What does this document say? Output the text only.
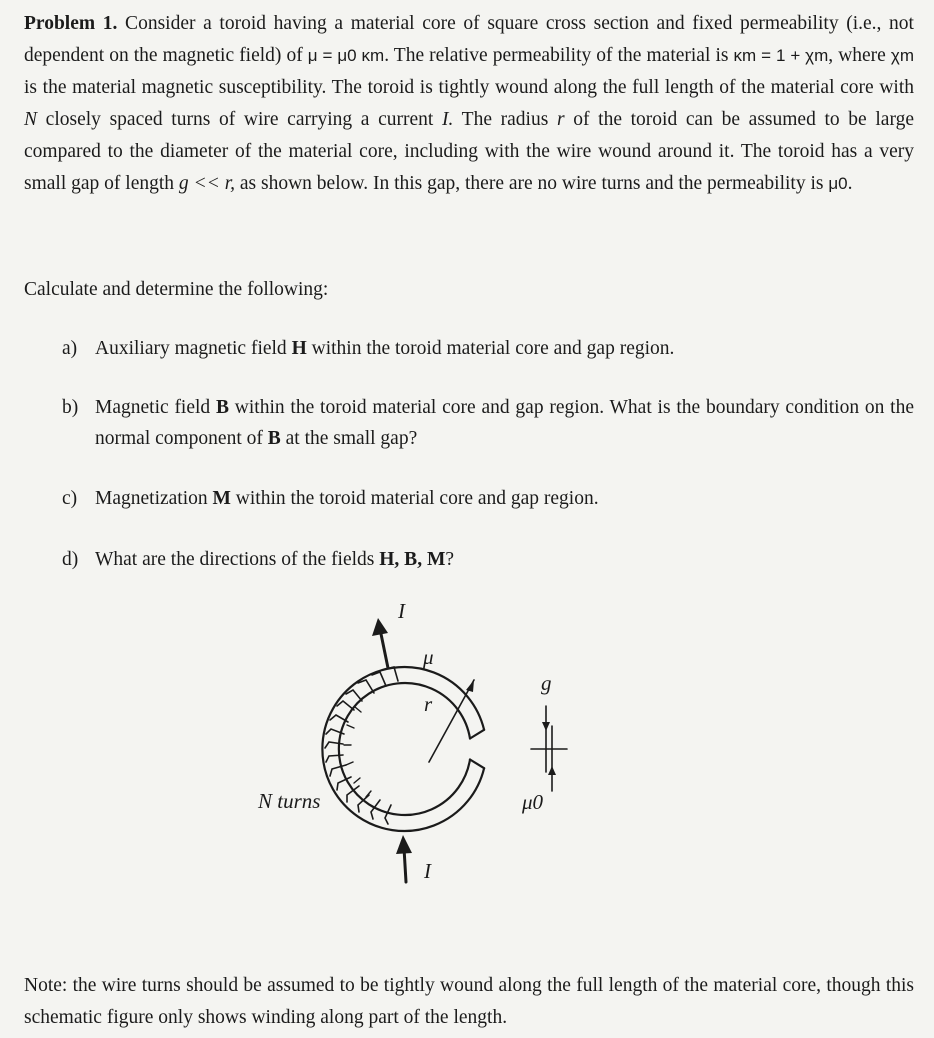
Problem 1. Consider a toroid having a material core of square cross section and fixed permeability (i.e., not dependent on the magnetic field) of μ = μ0 κm. The relative permeability of the material is κm = 1 + χm, where χm is the material magnetic susceptibility. The toroid is tightly wound along the full length of the material core with N closely spaced turns of wire carrying a current I. The radius r of the toroid can be assumed to be large compared to the diameter of the material core, including with the wire wound around it. The toroid has a very small gap of length g << r, as shown below. In this gap, there are no wire turns and the permeability is μ0.
Calculate and determine the following:
a) Auxiliary magnetic field H within the toroid material core and gap region.
b) Magnetic field B within the toroid material core and gap region. What is the boundary condition on the normal component of B at the small gap?
c) Magnetization M within the toroid material core and gap region.
d) What are the directions of the fields H, B, M?
I
μ
r
g
N turns	μ0
I
Note: the wire turns should be assumed to be tightly wound along the full length of the material core, though this schematic figure only shows winding along part of the length.
